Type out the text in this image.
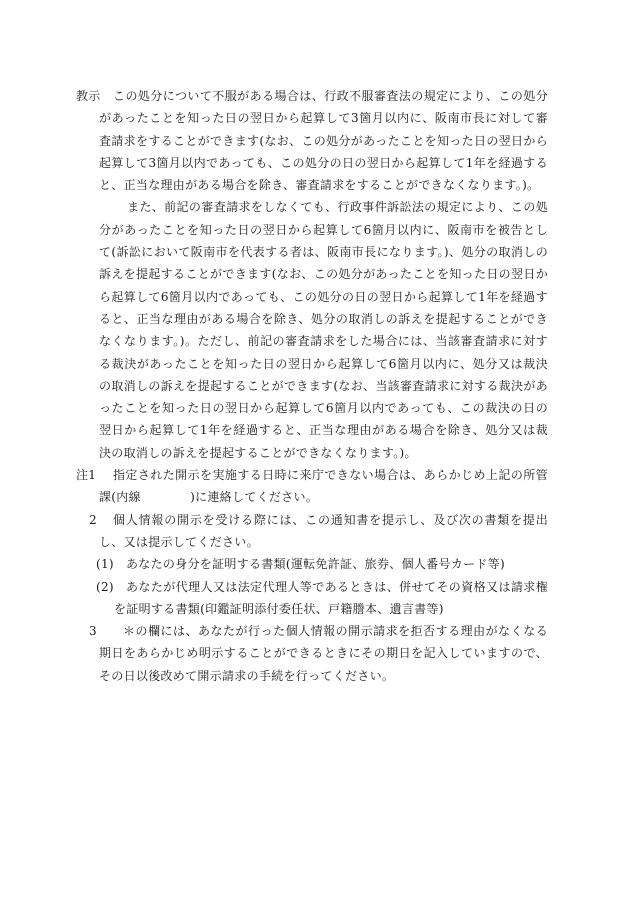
教示	この処分について不服がある場合は、行政不服審査法の規定により、この処分があったことを知った日の翌日から起算して3箇月以内に、阪南市長に対して審査請求をすることができます(なお、この処分があったことを知った日の翌日から起算して3箇月以内であっても、この処分の日の翌日から起算して1年を経過すると、正当な理由がある場合を除き、審査請求をすることができなくなります。)。
また、前記の審査請求をしなくても、行政事件訴訟法の規定により、この処分があったことを知った日の翌日から起算して6箇月以内に、阪南市を被告として(訴訟において阪南市を代表する者は、阪南市長になります。)、処分の取消しの訴えを提起することができます(なお、この処分があったことを知った日の翌日から起算して6箇月以内であっても、この処分の日の翌日から起算して1年を経過すると、正当な理由がある場合を除き、処分の取消しの訴えを提起することができなくなります。)。ただし、前記の審査請求をした場合には、当該審査請求に対する裁決があったことを知った日の翌日から起算して6箇月以内に、処分又は裁決の取消しの訴えを提起することができます(なお、当該審査請求に対する裁決があったことを知った日の翌日から起算して6箇月以内であっても、この裁決の日の翌日から起算して1年を経過すると、正当な理由がある場合を除き、処分又は裁決の取消しの訴えを提起することができなくなります。)。
注1	指定された開示を実施する日時に来庁できない場合は、あらかじめ上記の所管課(内線　　　　)に連絡してください。
2	個人情報の開示を受ける際には、この通知書を提示し、及び次の書類を提出し、又は提示してください。
(1)	あなたの身分を証明する書類(運転免許証、旅券、個人番号カード等)
(2)	あなたが代理人又は法定代理人等であるときは、併せてその資格又は請求権を証明する書類(印鑑証明添付委任状、戸籍謄本、遺言書等)
3	＊の欄には、あなたが行った個人情報の開示請求を拒否する理由がなくなる期日をあらかじめ明示することができるときにその期日を記入していますので、その日以後改めて開示請求の手続を行ってください。
